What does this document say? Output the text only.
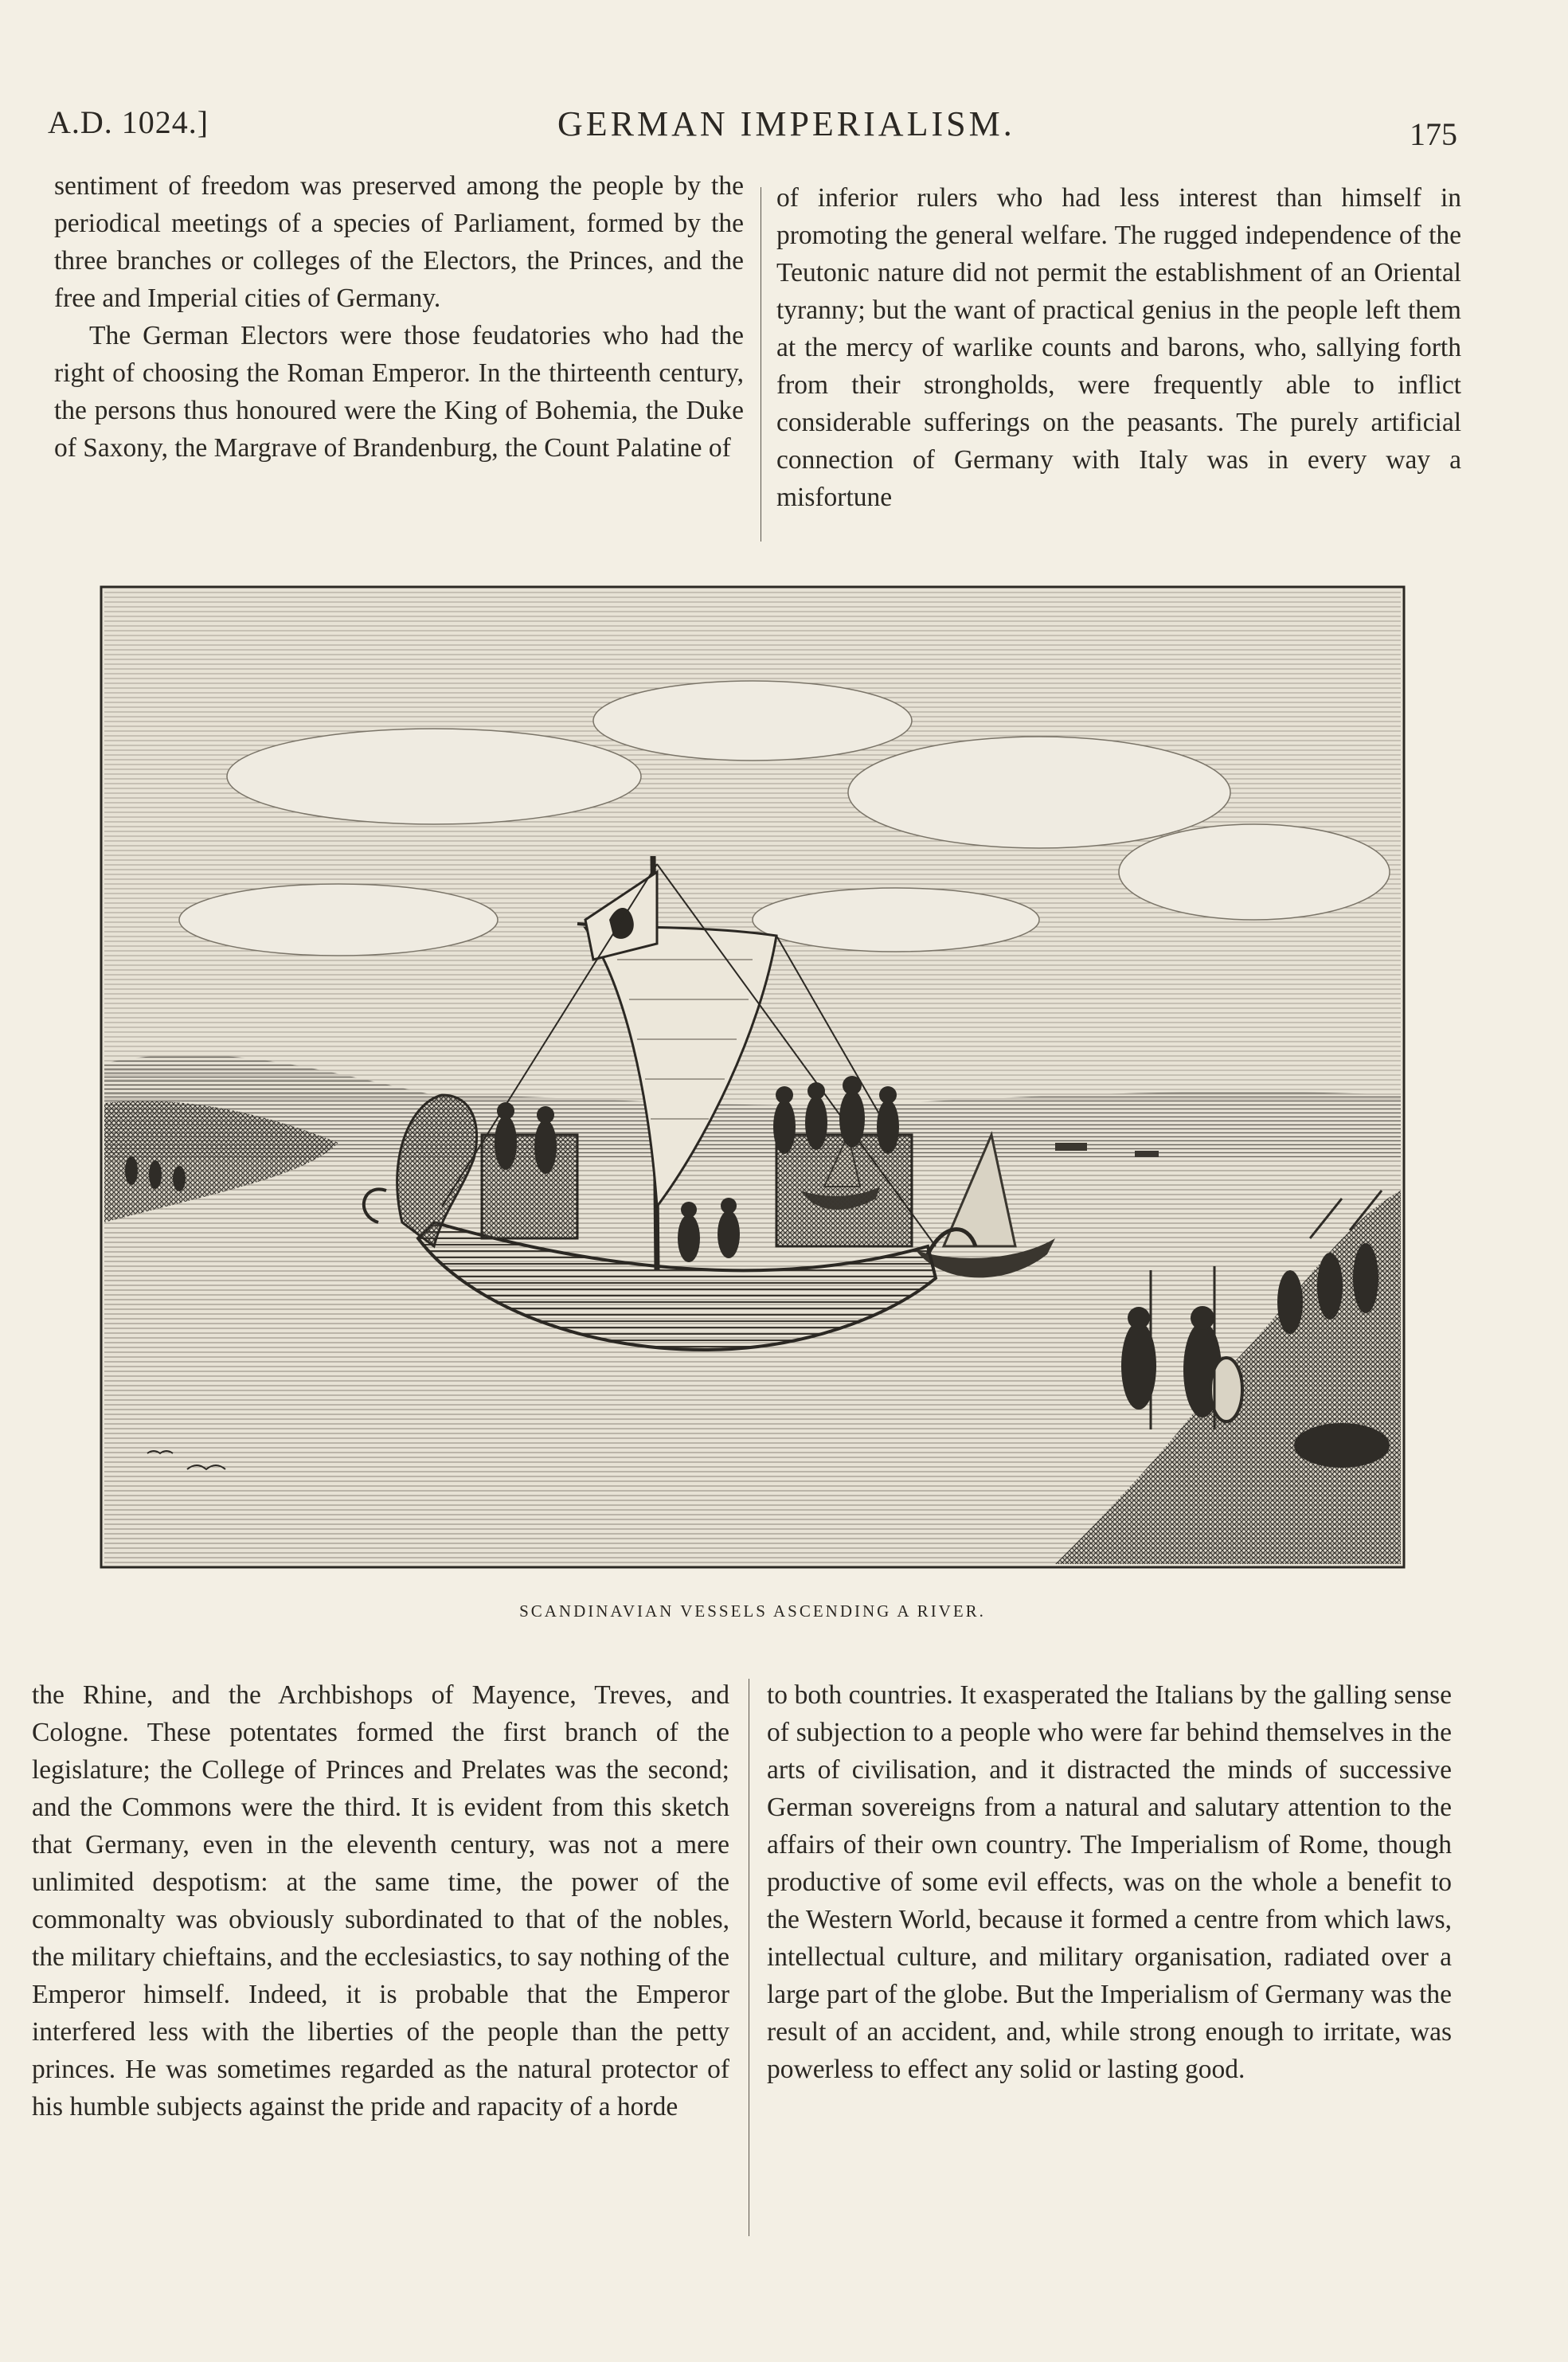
A.D. 1024.]	GERMAN IMPERIALISM.	175

sentiment of freedom was preserved among the people by the periodical meetings of a species of Parliament, formed by the three branches or colleges of the Electors, the Princes, and the free and Imperial cities of Germany.

The German Electors were those feudatories who had the right of choosing the Roman Emperor. In the thirteenth century, the persons thus honoured were the King of Bohemia, the Duke of Saxony, the Margrave of Brandenburg, the Count Palatine of

of inferior rulers who had less interest than himself in promoting the general welfare. The rugged independence of the Teutonic nature did not permit the establishment of an Oriental tyranny; but the want of practical genius in the people left them at the mercy of warlike counts and barons, who, sallying forth from their strongholds, were frequently able to inflict considerable sufferings on the peasants. The purely artificial connection of Germany with Italy was in every way a misfortune

SCANDINAVIAN VESSELS ASCENDING A RIVER.

the Rhine, and the Archbishops of Mayence, Treves, and Cologne. These potentates formed the first branch of the legislature; the College of Princes and Prelates was the second; and the Commons were the third. It is evident from this sketch that Germany, even in the eleventh century, was not a mere unlimited despotism: at the same time, the power of the commonalty was obviously subordinated to that of the nobles, the military chieftains, and the ecclesiastics, to say nothing of the Emperor himself. Indeed, it is probable that the Emperor interfered less with the liberties of the people than the petty princes. He was sometimes regarded as the natural protector of his humble subjects against the pride and rapacity of a horde

to both countries. It exasperated the Italians by the galling sense of subjection to a people who were far behind themselves in the arts of civilisation, and it distracted the minds of successive German sovereigns from a natural and salutary attention to the affairs of their own country. The Imperialism of Rome, though productive of some evil effects, was on the whole a benefit to the Western World, because it formed a centre from which laws, intellectual culture, and military organisation, radiated over a large part of the globe. But the Imperialism of Germany was the result of an accident, and, while strong enough to irritate, was powerless to effect any solid or lasting good.
